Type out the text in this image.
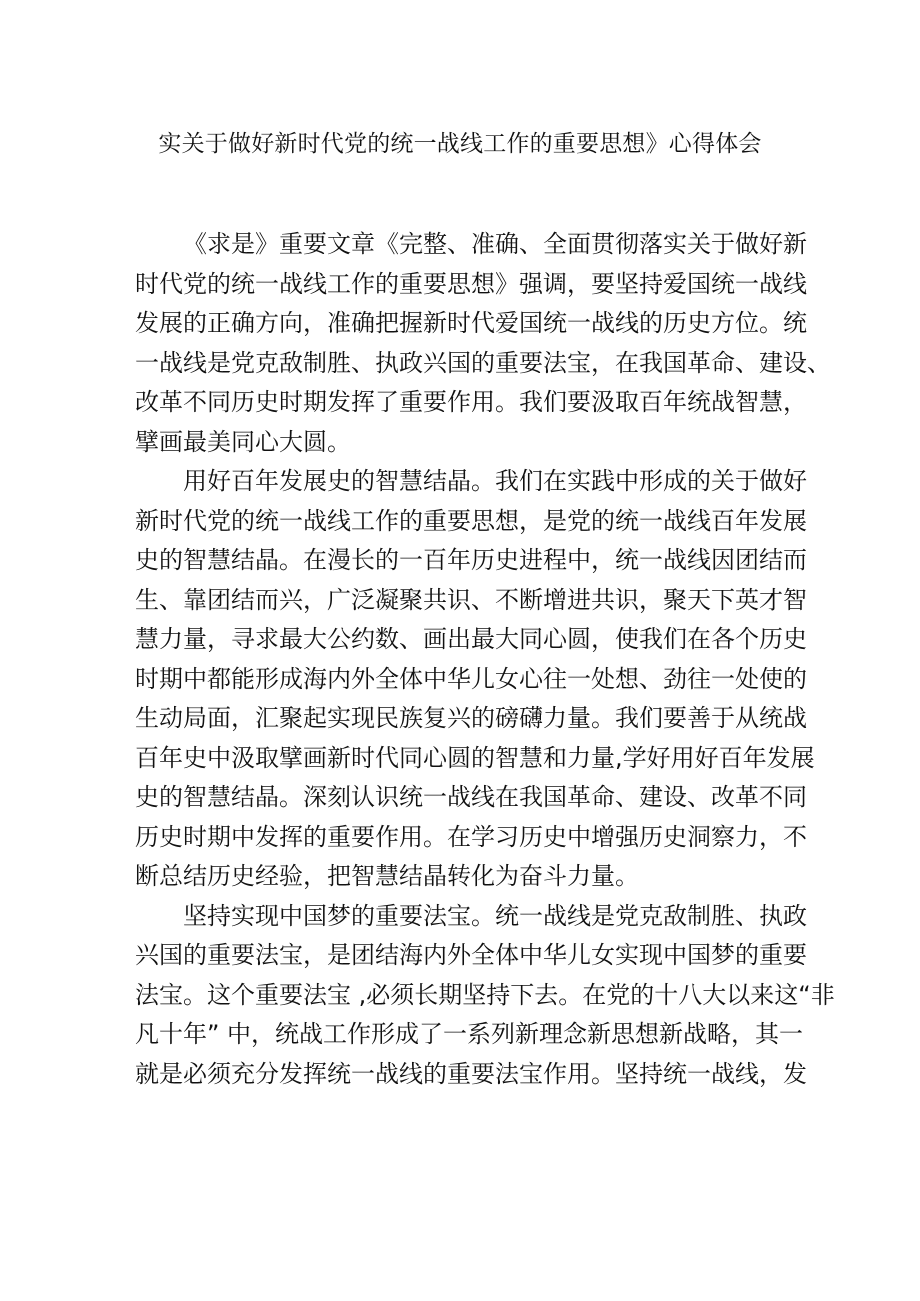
实关于做好新时代党的统一战线工作的重要思想》心得体会
《求是》重要文章《完整、准确、全面贯彻落实关于做好新
时代党的统一战线工作的重要思想》强调，要坚持爱国统一战线
发展的正确方向，准确把握新时代爱国统一战线的历史方位。统
一战线是党克敌制胜、执政兴国的重要法宝，在我国革命、建设、
改革不同历史时期发挥了重要作用。我们要汲取百年统战智慧，
擘画最美同心大圆。
用好百年发展史的智慧结晶。我们在实践中形成的关于做好
新时代党的统一战线工作的重要思想，是党的统一战线百年发展
史的智慧结晶。在漫长的一百年历史进程中，统一战线因团结而
生、靠团结而兴，广泛凝聚共识、不断增进共识，聚天下英才智
慧力量，寻求最大公约数、画出最大同心圆，使我们在各个历史
时期中都能形成海内外全体中华儿女心往一处想、劲往一处使的
生动局面，汇聚起实现民族复兴的磅礴力量。我们要善于从统战
百年史中汲取擘画新时代同心圆的智慧和力量,学好用好百年发展
史的智慧结晶。深刻认识统一战线在我国革命、建设、改革不同
历史时期中发挥的重要作用。在学习历史中增强历史洞察力，不
断总结历史经验，把智慧结晶转化为奋斗力量。
坚持实现中国梦的重要法宝。统一战线是党克敌制胜、执政
兴国的重要法宝，是团结海内外全体中华儿女实现中国梦的重要
法宝。这个重要法宝 ,必须长期坚持下去。在党的十八大以来这“非
凡十年” 中，统战工作形成了一系列新理念新思想新战略，其一
就是必须充分发挥统一战线的重要法宝作用。坚持统一战线，发
